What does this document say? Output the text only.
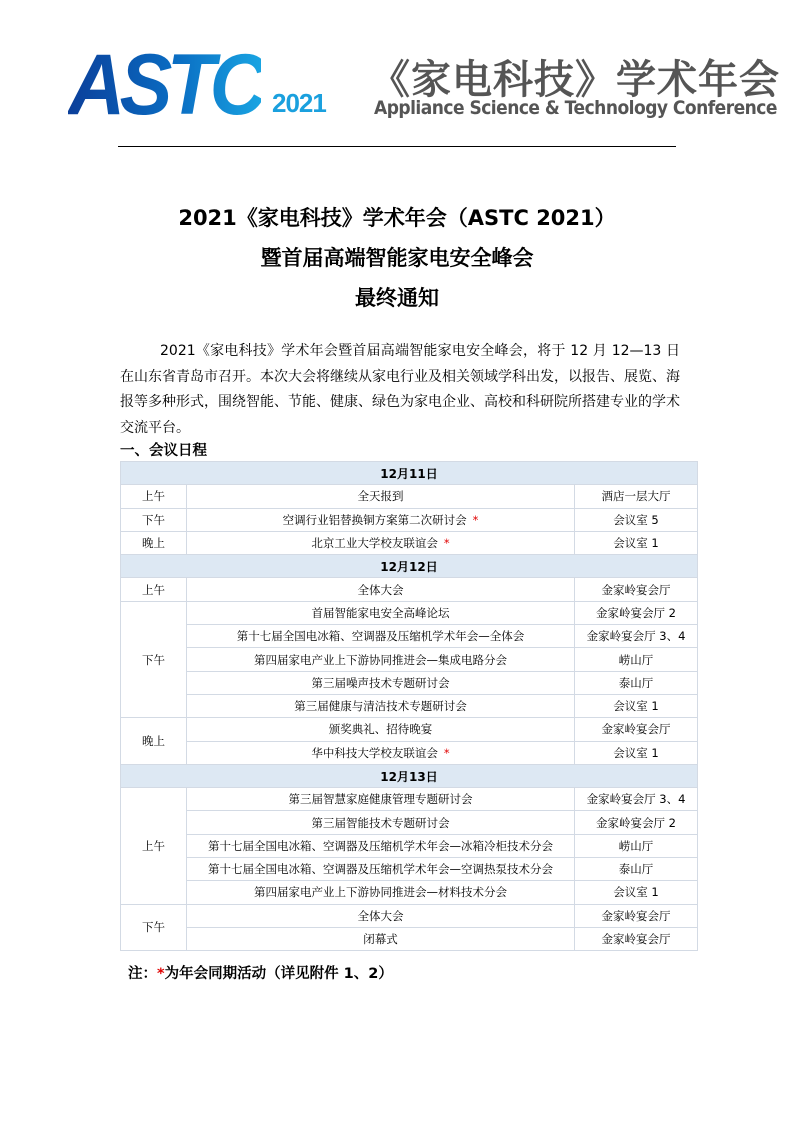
ASTC 2021 《家电科技》学术年会
Appliance Science & Technology Conference
2021《家电科技》学术年会（ASTC 2021）
暨首届高端智能家电安全峰会
最终通知

2021《家电科技》学术年会暨首届高端智能家电安全峰会，将于 12 月 12—13 日在山东省青岛市召开。本次大会将继续从家电行业及相关领域学科出发，以报告、展览、海报等多种形式，围绕智能、节能、健康、绿色为家电企业、高校和科研院所搭建专业的学术交流平台。

一、会议日程
12月11日		
上午	全天报到	酒店一层大厅
下午	空调行业铝替换铜方案第二次研讨会 *	会议室 5
晚上	北京工业大学校友联谊会 *	会议室 1
12月12日		
上午	全体大会	金家岭宴会厅
下午	首届智能家电安全高峰论坛	金家岭宴会厅 2
	第十七届全国电冰箱、空调器及压缩机学术年会—全体会	金家岭宴会厅 3、4
	第四届家电产业上下游协同推进会—集成电路分会	崂山厅
	第三届噪声技术专题研讨会	泰山厅
	第三届健康与清洁技术专题研讨会	会议室 1
晚上	颁奖典礼、招待晚宴	金家岭宴会厅
	华中科技大学校友联谊会 *	会议室 1
12月13日		
上午	第三届智慧家庭健康管理专题研讨会	金家岭宴会厅 3、4
	第三届智能技术专题研讨会	金家岭宴会厅 2
	第十七届全国电冰箱、空调器及压缩机学术年会—冰箱冷柜技术分会	崂山厅
	第十七届全国电冰箱、空调器及压缩机学术年会—空调热泵技术分会	泰山厅
	第四届家电产业上下游协同推进会—材料技术分会	会议室 1
下午	全体大会	金家岭宴会厅
	闭幕式	金家岭宴会厅
注：*为年会同期活动（详见附件 1、2）
